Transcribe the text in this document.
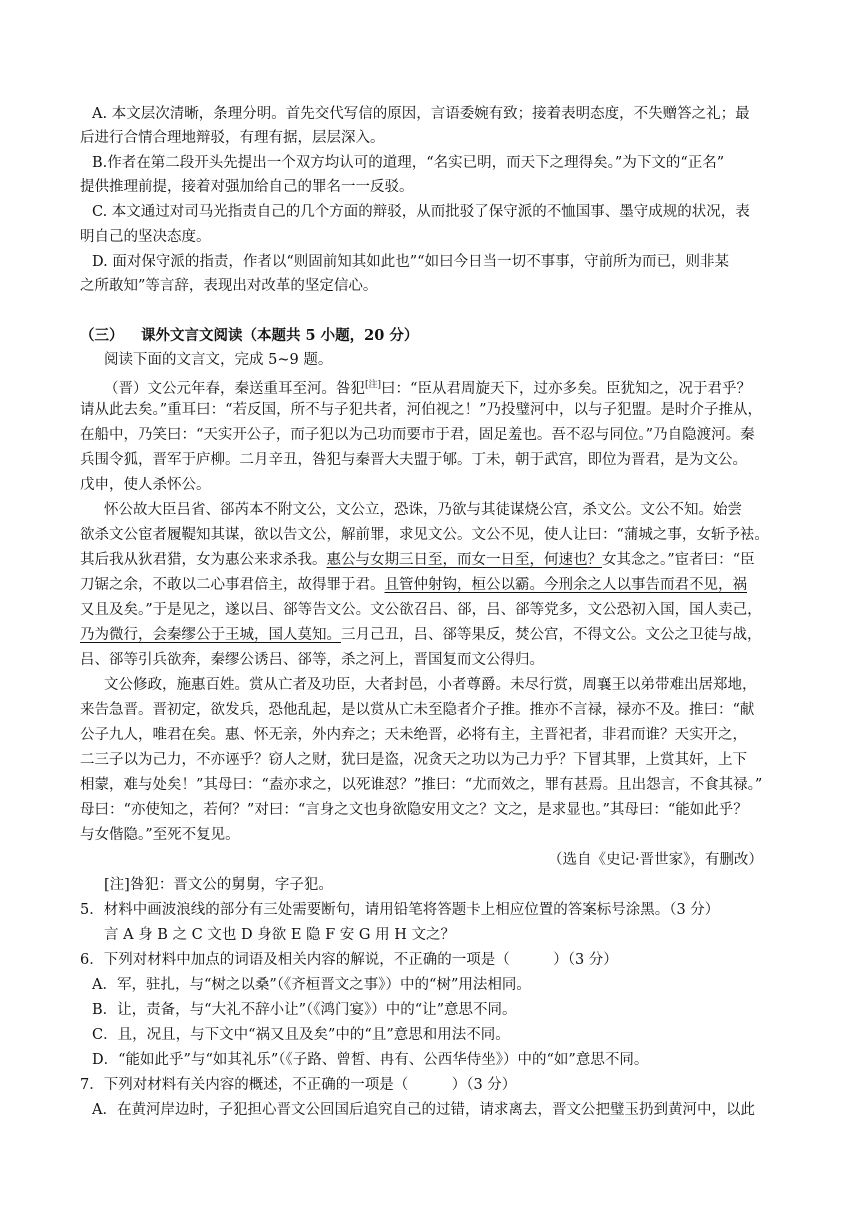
A. 本文层次清晰，条理分明。首先交代写信的原因，言语委婉有致；接着表明态度，不失赠答之礼；最
后进行合情合理地辩驳，有理有据，层层深入。
B.作者在第二段开头先提出一个双方均认可的道理，“名实已明，而天下之理得矣。”为下文的“正名”
提供推理前提，接着对强加给自己的罪名一一反驳。
C. 本文通过对司马光指责自己的几个方面的辩驳，从而批驳了保守派的不恤国事、墨守成规的状况，表
明自己的坚决态度。
D. 面对保守派的指责，作者以“则固前知其如此也”“如曰今日当一切不事事，守前所为而已，则非某
之所敢知”等言辞，表现出对改革的坚定信心。
（三） 课外文言文阅读（本题共 5 小题，20 分）
阅读下面的文言文，完成 5~9 题。
（晋）文公元年春，秦送重耳至河。咎犯[注]曰：“臣从君周旋天下，过亦多矣。臣犹知之，况于君乎？
请从此去矣。”重耳曰：“若反国，所不与子犯共者，河伯视之！”乃投璧河中，以与子犯盟。是时介子推从，
在船中，乃笑曰：“天实开公子，而子犯以为己功而要市于君，固足羞也。吾不忍与同位。”乃自隐渡河。秦
兵围令狐，晋军于庐柳。二月辛丑，咎犯与秦晋大夫盟于郇。丁未，朝于武宫，即位为晋君，是为文公。
戊申，使人杀怀公。
怀公故大臣吕省、郤芮本不附文公，文公立，恐诛，乃欲与其徒谋烧公宫，杀文公。文公不知。始尝
欲杀文公宦者履鞮知其谋，欲以告文公，解前罪，求见文公。文公不见，使人让曰：“蒲城之事，女斩予袪。
其后我从狄君猎，女为惠公来求杀我。惠公与女期三日至，而女一日至，何速也？女其念之。”宦者曰：“臣
刀锯之余，不敢以二心事君倍主，故得罪于君。且管仲射钩，桓公以霸。今刑余之人以事告而君不见，祸
又且及矣。”于是见之，遂以吕、郤等告文公。文公欲召吕、郤，吕、郤等党多，文公恐初入国，国人卖己，
乃为微行，会秦缪公于王城，国人莫知。三月己丑，吕、郤等果反，焚公宫，不得文公。文公之卫徒与战，
吕、郤等引兵欲奔，秦缪公诱吕、郤等，杀之河上，晋国复而文公得归。
文公修政，施惠百姓。赏从亡者及功臣，大者封邑，小者尊爵。未尽行赏，周襄王以弟带难出居郑地，
来告急晋。晋初定，欲发兵，恐他乱起，是以赏从亡未至隐者介子推。推亦不言禄，禄亦不及。推曰：“献
公子九人，唯君在矣。惠、怀无亲，外内弃之；天未绝晋，必将有主，主晋祀者，非君而谁？天实开之，
二三子以为己力，不亦诬乎？窃人之财，犹曰是盗，况贪天之功以为己力乎？下冒其罪，上赏其奸，上下
相蒙，难与处矣！”其母曰：“盍亦求之，以死谁怼？”推曰：“尤而效之，罪有甚焉。且出怨言，不食其禄。”
母曰：“亦使知之，若何？”对曰：“言身之文也身欲隐安用文之？文之，是求显也。”其母曰：“能如此乎？
与女偕隐。”至死不复见。
（选自《史记·晋世家》，有删改）
[注]咎犯：晋文公的舅舅，字子犯。
5．材料中画波浪线的部分有三处需要断句，请用铅笔将答题卡上相应位置的答案标号涂黑。（3 分）
言 A 身 B 之 C 文也 D 身欲 E 隐 F 安 G 用 H 文之？
6．下列对材料中加点的词语及相关内容的解说，不正确的一项是（　　　）（3 分）
A．军，驻扎，与“树之以桑”（《齐桓晋文之事》）中的“树”用法相同。
B．让，责备，与“大礼不辞小让”（《鸿门宴》）中的“让”意思不同。
C．且，况且，与下文中“祸又且及矣”中的“且”意思和用法不同。
D．“能如此乎”与“如其礼乐”（《子路、曾皙、冉有、公西华侍坐》）中的“如”意思不同。
7．下列对材料有关内容的概述，不正确的一项是（　　　）（3 分）
A．在黄河岸边时，子犯担心晋文公回国后追究自己的过错，请求离去，晋文公把璧玉扔到黄河中，以此
